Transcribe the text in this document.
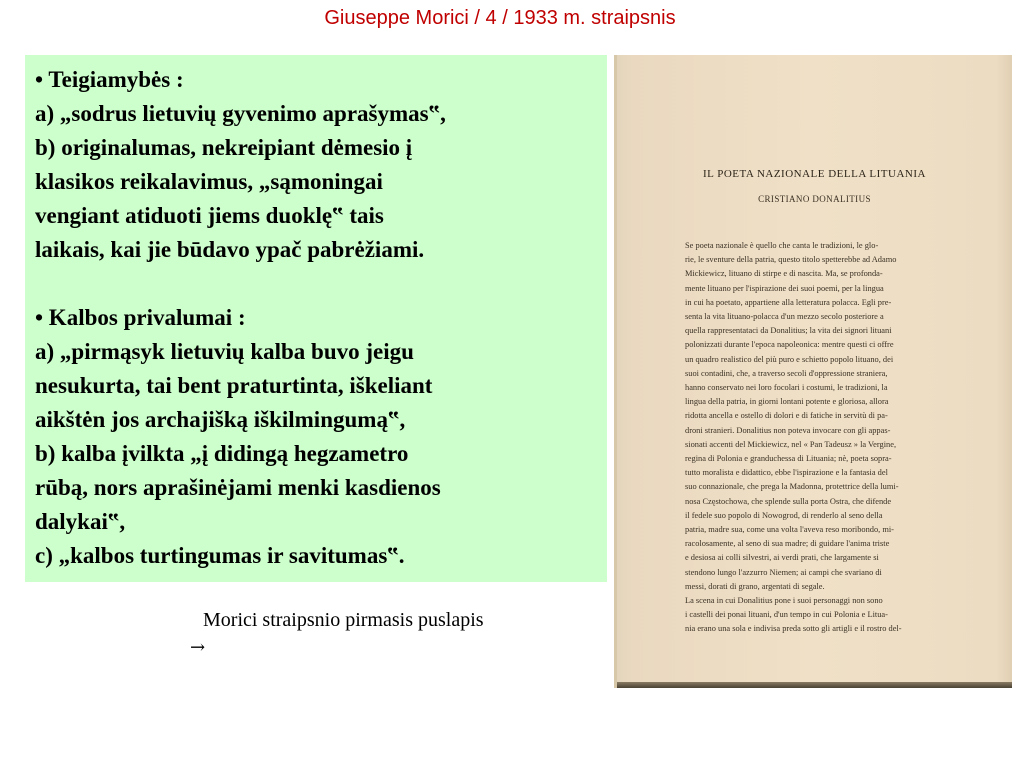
Giuseppe Morici / 4 / 1933 m. straipsnis
• Teigiamybės :
a) „sodrus lietuvių gyvenimo aprašymas‟,
b) originalumas, nekreipiant dėmesio į
klasikos reikalavimus, „sąmoningai
vengiant atiduoti jiems duoklę‟ tais
laikais, kai jie būdavo ypač pabrėžiami.
• Kalbos privalumai :
a) „pirmąsyk lietuvių kalba buvo jeigu
nesukurta, tai bent praturtinta, iškeliant
aikštėn jos archajišką iškilmingumą‟,
b) kalba įvilkta „į didingą hegzametro
rūbą, nors aprašinėjami menki kasdienos
dalykai‟,
c) „kalbos turtingumas ir savitumas‟.
Morici straipsnio pirmasis puslapis
→
IL POETA NAZIONALE DELLA LITUANIA
CRISTIANO DONALITIUS
Se poeta nazionale è quello che canta le tradizioni, le glo-
rie, le sventure della patria, questo titolo spetterebbe ad Adamo
Mickiewicz, lituano di stirpe e di nascita. Ma, se profonda-
mente lituano per l'ispirazione dei suoi poemi, per la lingua
in cui ha poetato, appartiene alla letteratura polacca. Egli pre-
senta la vita lituano-polacca d'un mezzo secolo posteriore a
quella rappresentataci da Donalitius; la vita dei signori lituani
polonizzati durante l'epoca napoleonica: mentre questi ci offre
un quadro realistico del più puro e schietto popolo lituano, dei
suoi contadini, che, a traverso secoli d'oppressione straniera,
hanno conservato nei loro focolari i costumi, le tradizioni, la
lingua della patria, in giorni lontani potente e gloriosa, allora
ridotta ancella e ostello di dolori e di fatiche in servitù di pa-
droni stranieri. Donalitius non poteva invocare con gli appas-
sionati accenti del Mickiewicz, nel « Pan Tadeusz » la Vergine,
regina di Polonia e granduchessa di Lituania; nè, poeta sopra-
tutto moralista e didattico, ebbe l'ispirazione e la fantasia del
suo connazionale, che prega la Madonna, protettrice della lumi-
nosa Częstochowa, che splende sulla porta Ostra, che difende
il fedele suo popolo di Nowogrod, di renderlo al seno della
patria, madre sua, come una volta l'aveva reso moribondo, mi-
racolosamente, al seno di sua madre; di guidare l'anima triste
e desiosa ai colli silvestri, ai verdi prati, che largamente si
stendono lungo l'azzurro Niemen; ai campi che svariano di
messi, dorati di grano, argentati di segale.
La scena in cui Donalitius pone i suoi personaggi non sono
i castelli dei ponai lituani, d'un tempo in cui Polonia e Litua-
nia erano una sola e indivisa preda sotto gli artigli e il rostro del-
